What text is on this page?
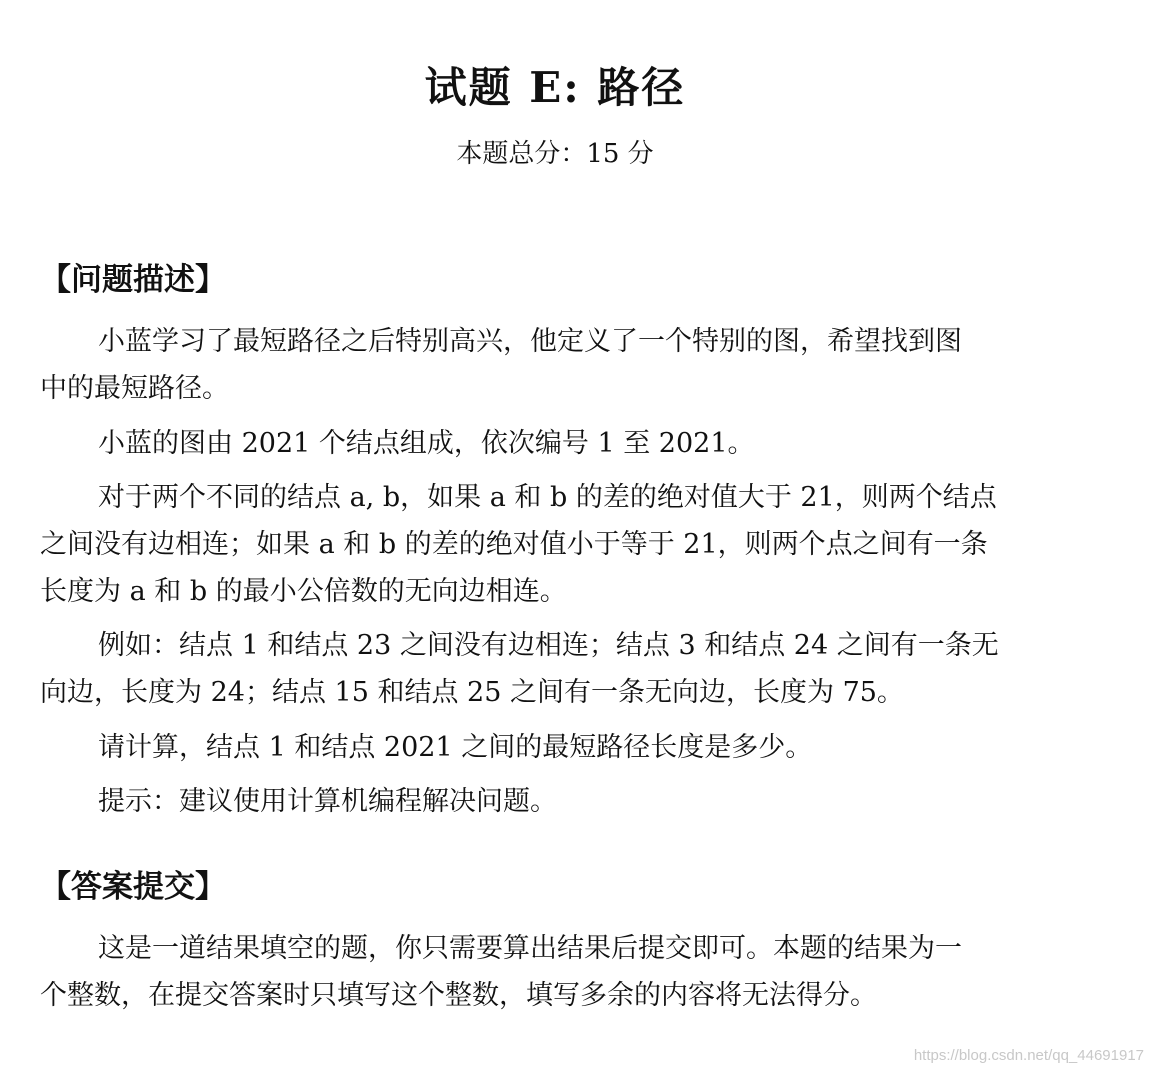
试题 E: 路径
本题总分：15 分
【问题描述】
小蓝学习了最短路径之后特别高兴，他定义了一个特别的图，希望找到图
中的最短路径。
小蓝的图由 2021 个结点组成，依次编号 1 至 2021。
对于两个不同的结点 a, b，如果 a 和 b 的差的绝对值大于 21，则两个结点
之间没有边相连；如果 a 和 b 的差的绝对值小于等于 21，则两个点之间有一条
长度为 a 和 b 的最小公倍数的无向边相连。
例如：结点 1 和结点 23 之间没有边相连；结点 3 和结点 24 之间有一条无
向边，长度为 24；结点 15 和结点 25 之间有一条无向边，长度为 75。
请计算，结点 1 和结点 2021 之间的最短路径长度是多少。
提示：建议使用计算机编程解决问题。
【答案提交】
这是一道结果填空的题，你只需要算出结果后提交即可。本题的结果为一
个整数，在提交答案时只填写这个整数，填写多余的内容将无法得分。
https://blog.csdn.net/qq_44691917
